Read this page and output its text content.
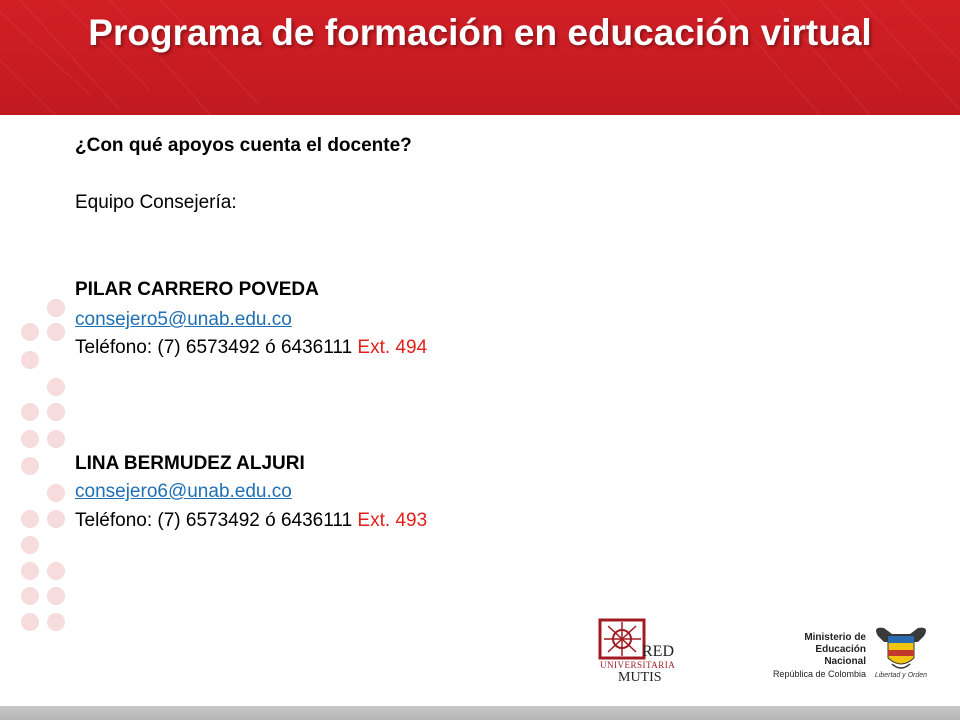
Programa de formación en educación virtual
¿Con qué apoyos cuenta el docente?
Equipo Consejería:
PILAR CARRERO POVEDA
consejero5@unab.edu.co
Teléfono: (7) 6573492 ó 6436111 Ext. 494
LINA BERMUDEZ ALJURI
consejero6@unab.edu.co
Teléfono: (7) 6573492 ó 6436111 Ext. 493
RED
UNIVERSITARIA
MUTIS
Ministerio de
Educación Nacional
República de Colombia	Libertad y Orden
